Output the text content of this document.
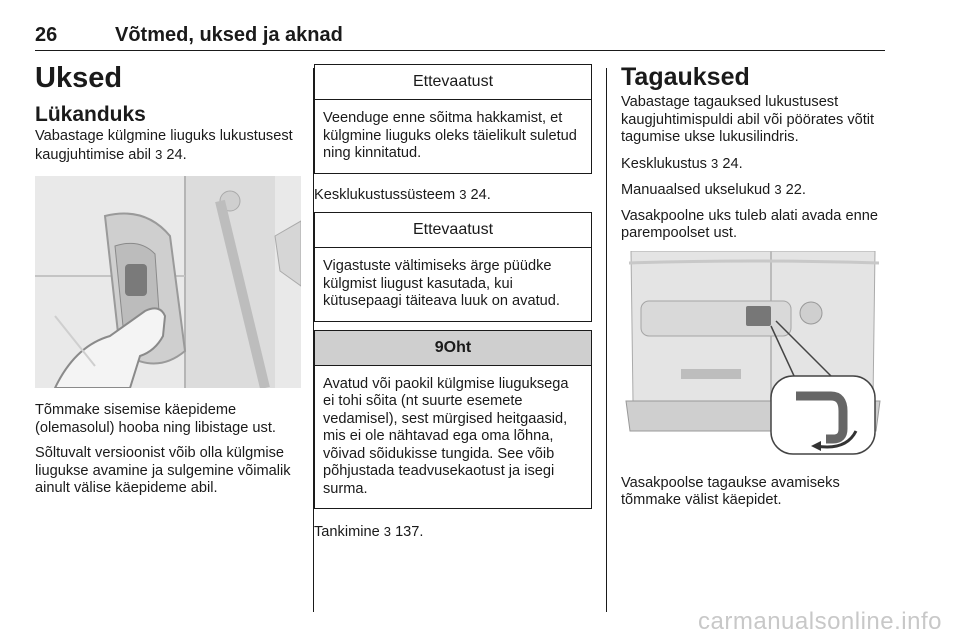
26	Võtmed, uksed ja aknad
Uksed
Lükanduks

Vabastage külgmine liuguks lukustusest kaugjuhtimise abil 3 24.

Tõmmake sisemise käepideme (olemasolul) hooba ning libistage ust.

Sõltuvalt versioonist võib olla külgmise liugukse avamine ja sulgemine võimalik ainult välise käepideme abil.

Ettevaatust

Veenduge enne sõitma hakkamist, et külgmine liuguks oleks täielikult suletud ning kinnitatud.

Kesklukustussüsteem 3 24.

Ettevaatust

Vigastuste vältimiseks ärge püüdke külgmist liugust kasutada, kui kütusepaagi täiteava luuk on avatud.

9Oht

Avatud või paokil külgmise liuguksega ei tohi sõita (nt suurte esemete vedamisel), sest mürgised heitgaasid, mis ei ole nähtavad ega oma lõhna, võivad sõidukisse tungida. See võib põhjustada teadvusekaotust ja isegi surma.

Tankimine 3 137.

Tagauksed

Vabastage tagauksed lukustusest kaugjuhtimispuldi abil või pöörates võtit tagumise ukse lukusilindris.

Kesklukustus 3 24.

Manuaalsed ukselukud 3 22.

Vasakpoolne uks tuleb alati avada enne parempoolset ust.

Vasakpoolse tagaukse avamiseks tõmmake välist käepidet.

carmanualsonline.info
